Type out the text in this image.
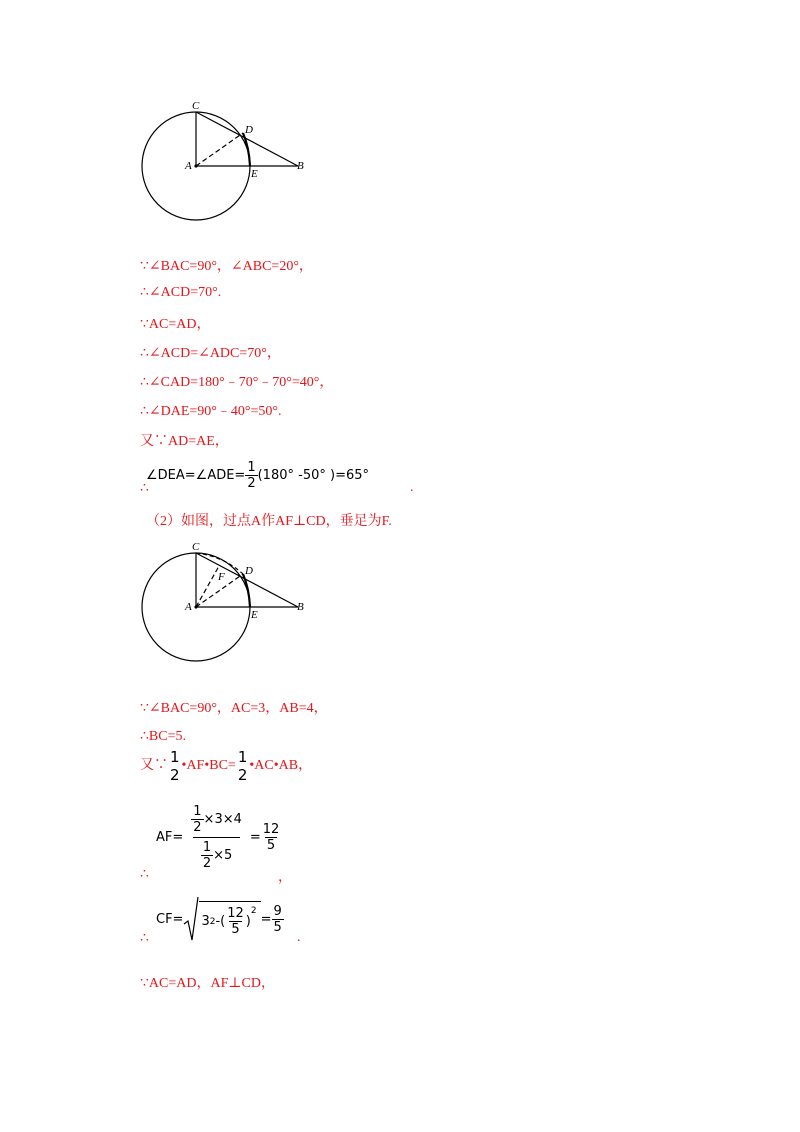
C
D
A
E
B
∵∠BAC=90°，∠ABC=20°，
∴∠ACD=70°.
∵AC=AD，
∴∠ACD=∠ADC=70°，
∴∠CAD=180°﹣70°﹣70°=40°，
∴∠DAE=90°﹣40°=50°.
又∵AD=AE，
∴
∠DEA=∠ADE= $\frac{1}{2} (180^\circ$ -50° )=65°
.
（2）如图，过点A作AF⊥CD，垂足为F.
C
D
F
A
E
B
∵∠BAC=90°，AC=3，AB=4，
∴BC=5.
又∵ 1
2
•AF•BC= 1
2
•AC•AB，
∴
$AF= \frac{\frac{1}{2} \times 3\times 4}{\frac{1}{2} \times 5} = \frac{12}{5}$
，
∴
CF= 3 2 -( $\frac{12}{5}$ )
$^2$
= $\frac{9}{5}$
.
∵AC=AD，AF⊥CD，
